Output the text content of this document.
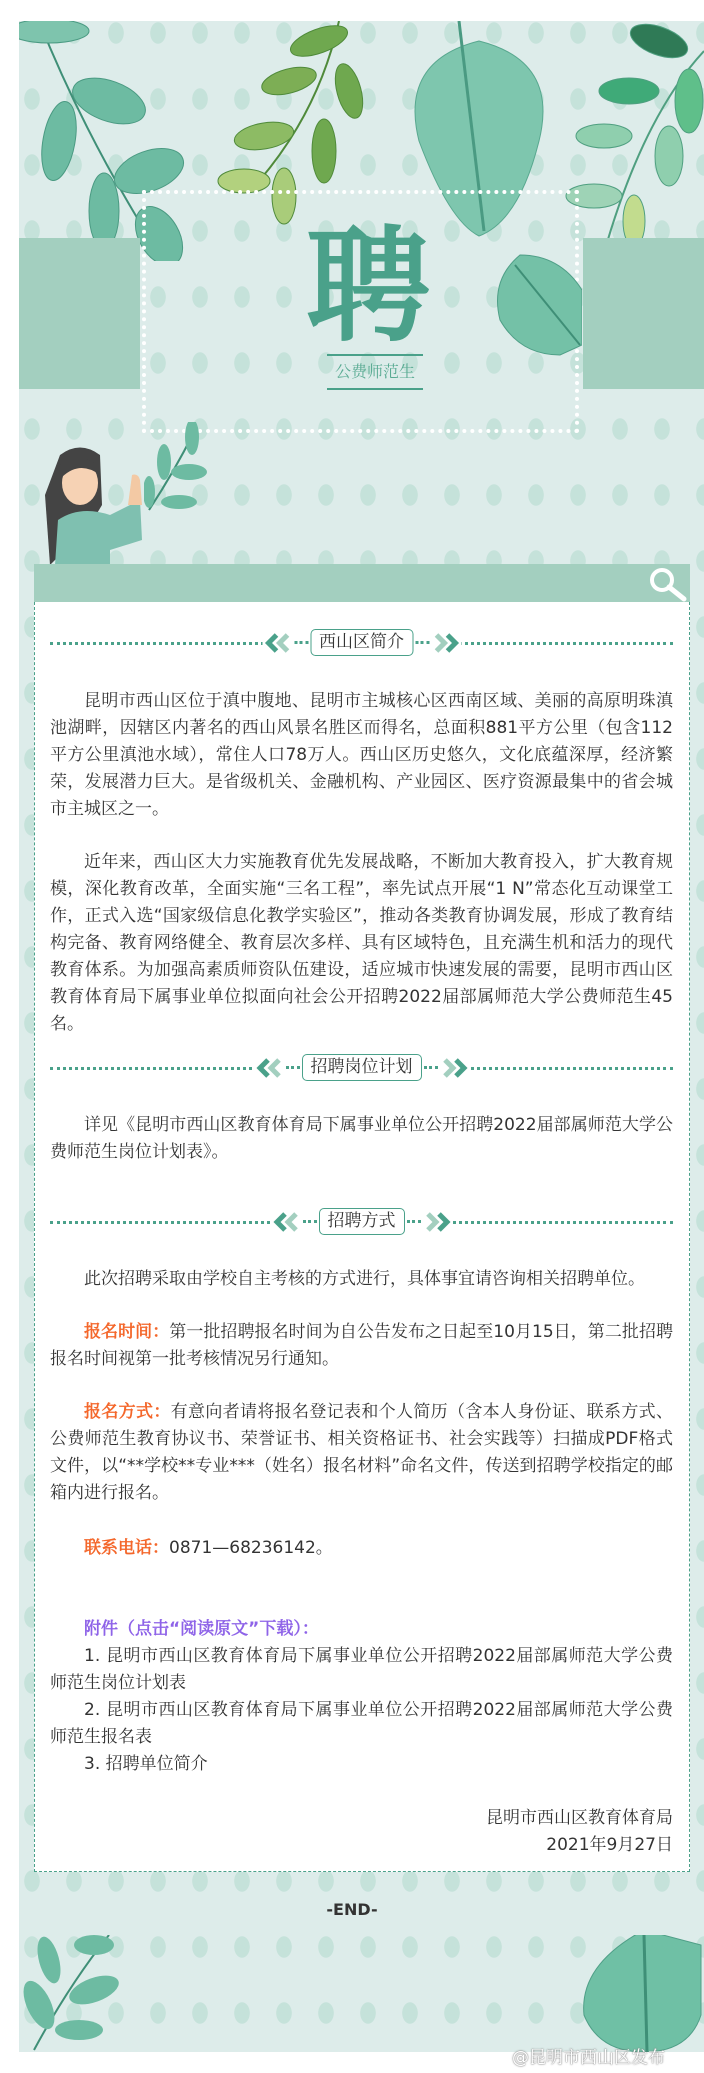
聘
公费师范生
西山区简介
昆明市西山区位于滇中腹地、昆明市主城核心区西南区域、美丽的高原明珠滇池湖畔，因辖区内著名的西山风景名胜区而得名，总面积881平方公里（包含112平方公里滇池水域），常住人口78万人。西山区历史悠久，文化底蕴深厚，经济繁荣，发展潜力巨大。是省级机关、金融机构、产业园区、医疗资源最集中的省会城市主城区之一。
近年来，西山区大力实施教育优先发展战略，不断加大教育投入，扩大教育规模，深化教育改革，全面实施“三名工程”，率先试点开展“1 N”常态化互动课堂工作，正式入选“国家级信息化教学实验区”，推动各类教育协调发展，形成了教育结构完备、教育网络健全、教育层次多样、具有区域特色，且充满生机和活力的现代教育体系。为加强高素质师资队伍建设，适应城市快速发展的需要，昆明市西山区教育体育局下属事业单位拟面向社会公开招聘2022届部属师范大学公费师范生45名。
招聘岗位计划
详见《昆明市西山区教育体育局下属事业单位公开招聘2022届部属师范大学公费师范生岗位计划表》。
招聘方式
此次招聘采取由学校自主考核的方式进行，具体事宜请咨询相关招聘单位。
报名时间：第一批招聘报名时间为自公告发布之日起至10月15日，第二批招聘报名时间视第一批考核情况另行通知。
报名方式：有意向者请将报名登记表和个人简历（含本人身份证、联系方式、公费师范生教育协议书、荣誉证书、相关资格证书、社会实践等）扫描成PDF格式文件，以“**学校**专业***（姓名）报名材料”命名文件，传送到招聘学校指定的邮箱内进行报名。
联系电话：0871—68236142。
附件（点击“阅读原文”下载）：
1. 昆明市西山区教育体育局下属事业单位公开招聘2022届部属师范大学公费师范生岗位计划表
2. 昆明市西山区教育体育局下属事业单位公开招聘2022届部属师范大学公费师范生报名表
3. 招聘单位简介
昆明市西山区教育体育局
2021年9月27日
-END-
@昆明市西山区发布
